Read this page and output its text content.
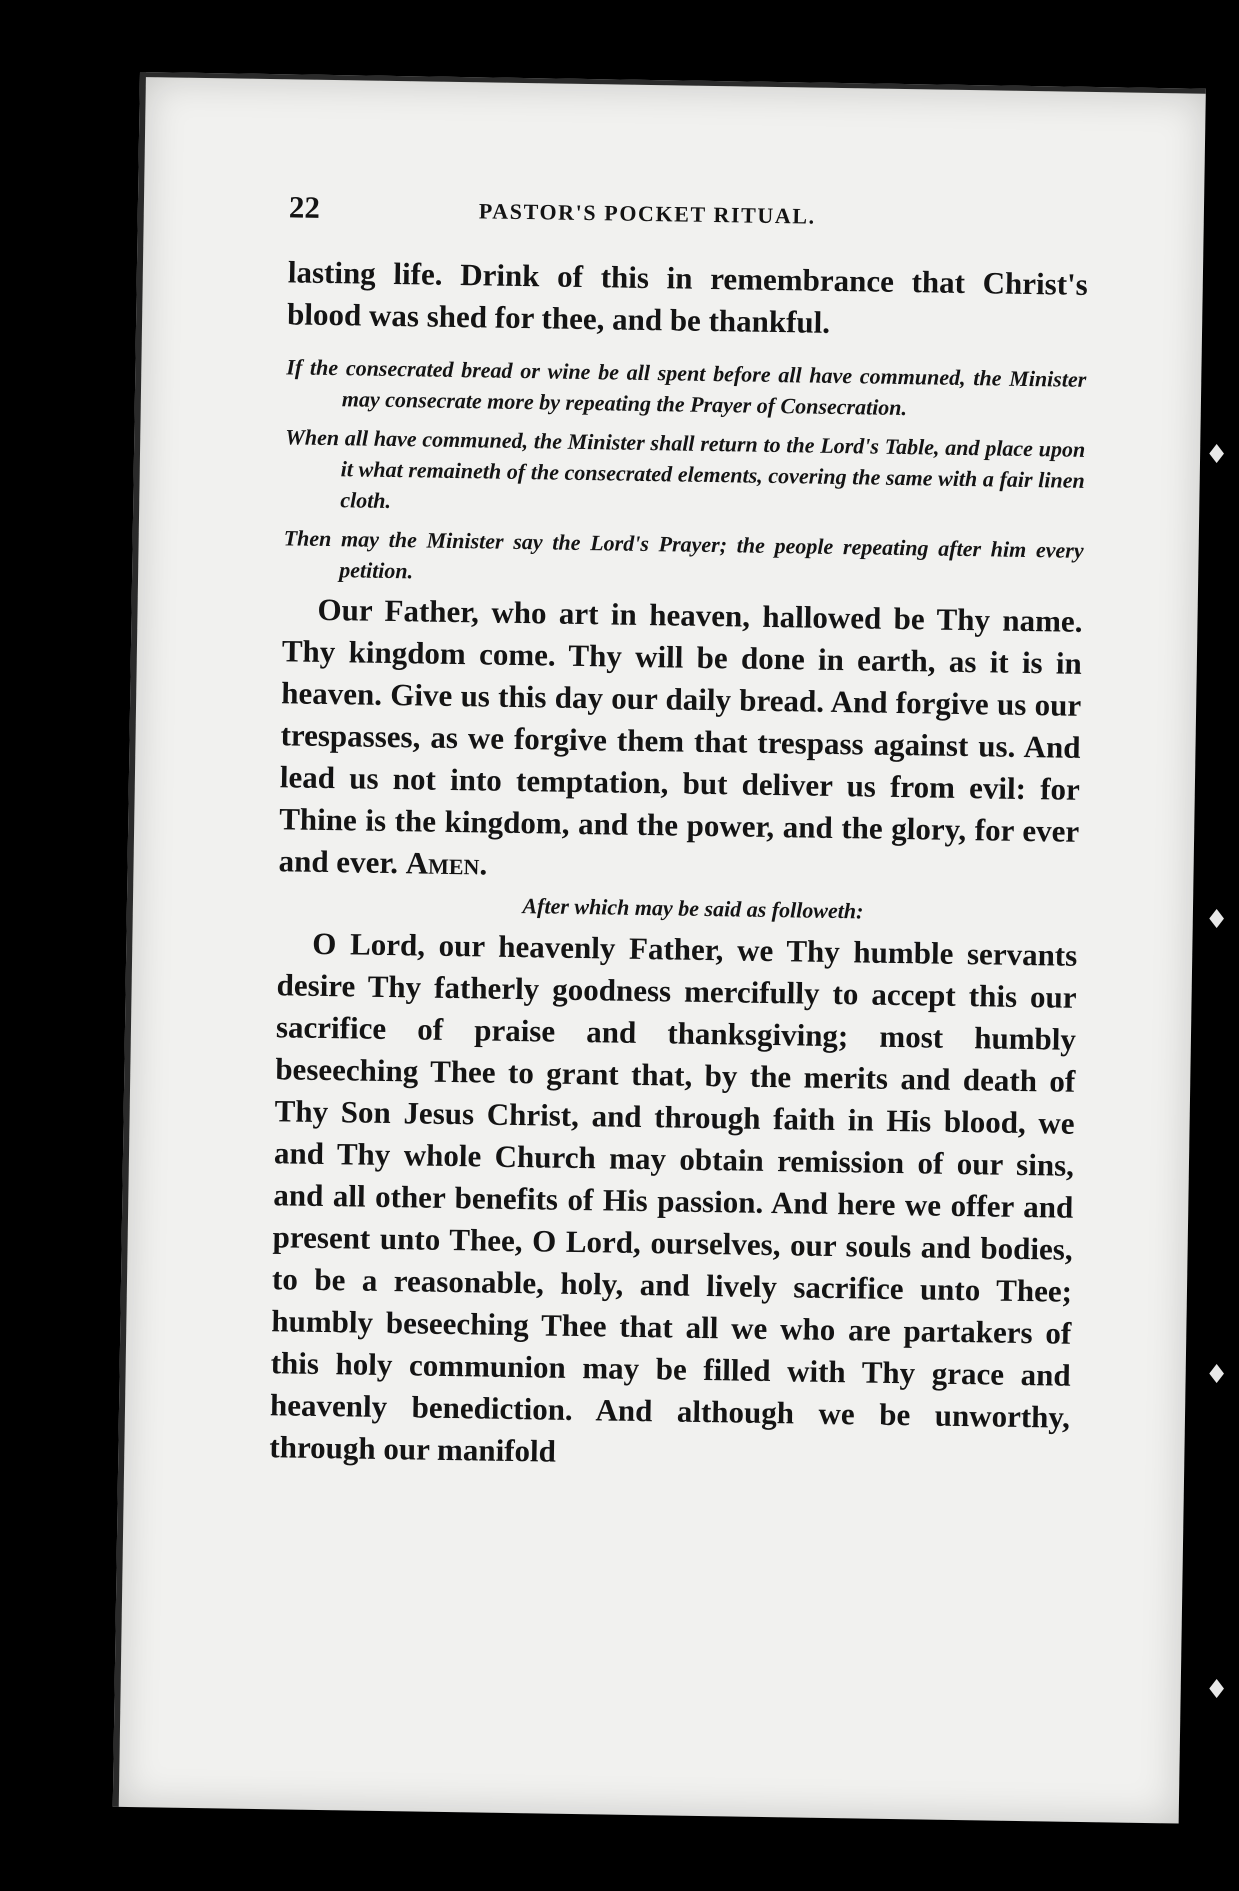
22	PASTOR'S POCKET RITUAL.

lasting life. Drink of this in remembrance that Christ's blood was shed for thee, and be thankful.

If the consecrated bread or wine be all spent before all have communed, the Minister may consecrate more by repeating the Prayer of Consecration.

When all have communed, the Minister shall return to the Lord's Table, and place upon it what remaineth of the consecrated elements, covering the same with a fair linen cloth.

Then may the Minister say the Lord's Prayer; the people repeating after him every petition.

Our Father, who art in heaven, hallowed be Thy name. Thy kingdom come. Thy will be done in earth, as it is in heaven. Give us this day our daily bread. And forgive us our trespasses, as we forgive them that trespass against us. And lead us not into temptation, but deliver us from evil: for Thine is the kingdom, and the power, and the glory, for ever and ever. Amen.

After which may be said as followeth:

O Lord, our heavenly Father, we Thy humble servants desire Thy fatherly goodness mercifully to accept this our sacrifice of praise and thanksgiving; most humbly beseeching Thee to grant that, by the merits and death of Thy Son Jesus Christ, and through faith in His blood, we and Thy whole Church may obtain remission of our sins, and all other benefits of His passion. And here we offer and present unto Thee, O Lord, ourselves, our souls and bodies, to be a reasonable, holy, and lively sacrifice unto Thee; humbly beseeching Thee that all we who are partakers of this holy communion may be filled with Thy grace and heavenly benediction. And although we be unworthy, through our manifold

♦
♦
♦
♦
